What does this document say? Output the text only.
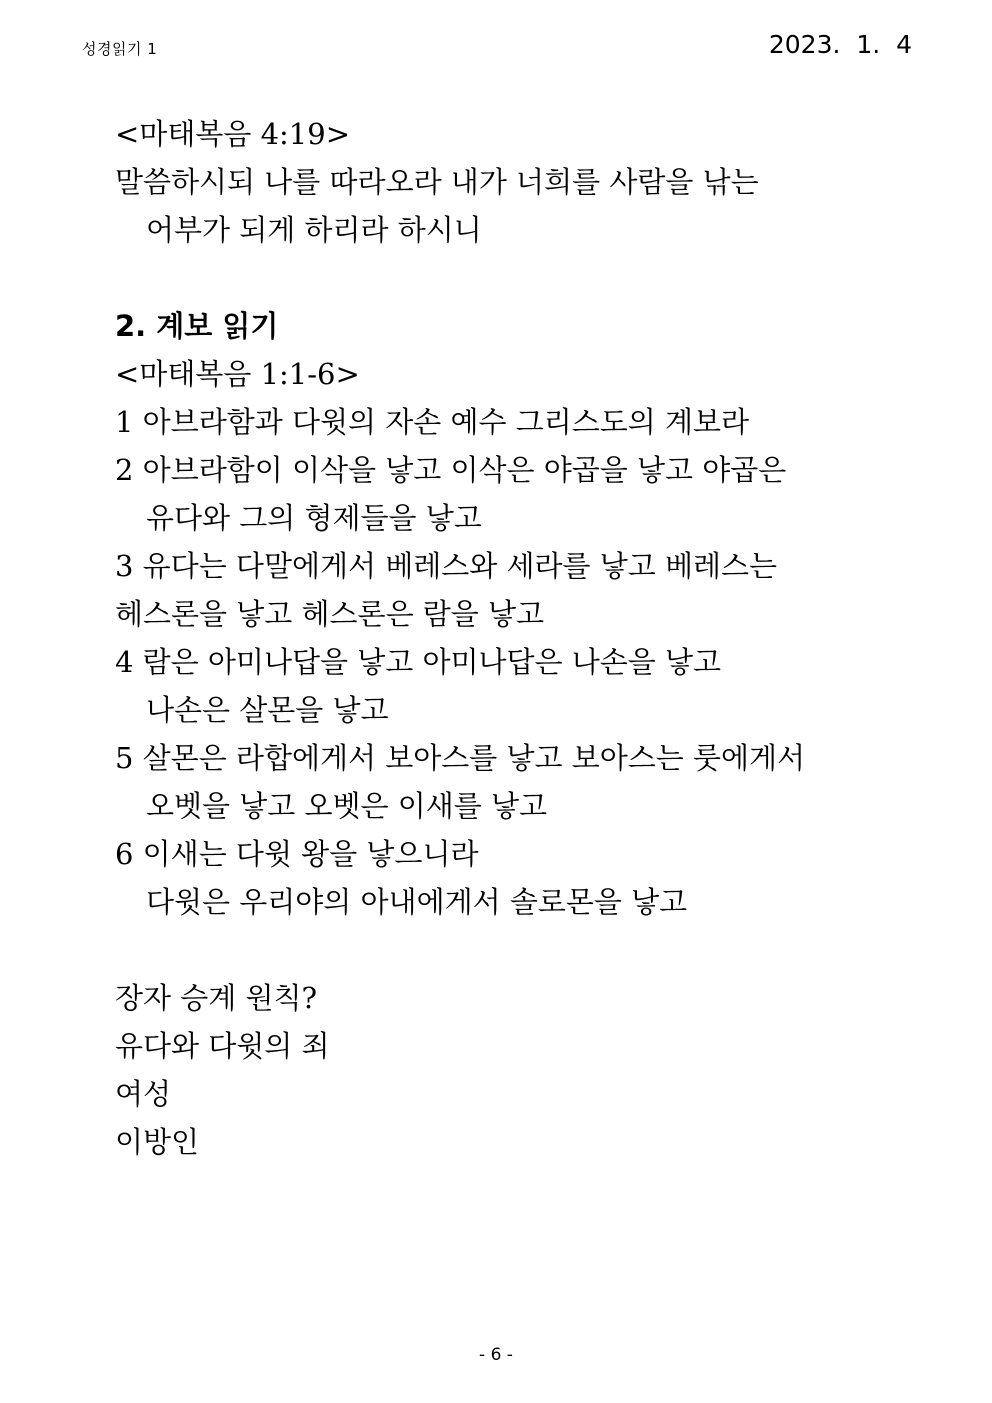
성경읽기 1	2023.  1.  4
<마태복음 4:19>
말씀하시되 나를 따라오라 내가 너희를 사람을 낚는
어부가 되게 하리라 하시니
2. 계보 읽기
<마태복음 1:1-6>
1 아브라함과 다윗의 자손 예수 그리스도의 계보라
2 아브라함이 이삭을 낳고 이삭은 야곱을 낳고 야곱은
유다와 그의 형제들을 낳고
3 유다는 다말에게서 베레스와 세라를 낳고 베레스는
헤스론을 낳고 헤스론은 람을 낳고
4 람은 아미나답을 낳고 아미나답은 나손을 낳고
나손은 살몬을 낳고
5 살몬은 라합에게서 보아스를 낳고 보아스는 룻에게서
오벳을 낳고 오벳은 이새를 낳고
6 이새는 다윗 왕을 낳으니라
다윗은 우리야의 아내에게서 솔로몬을 낳고
장자 승계 원칙?
유다와 다윗의 죄
여성
이방인
- 6 -
